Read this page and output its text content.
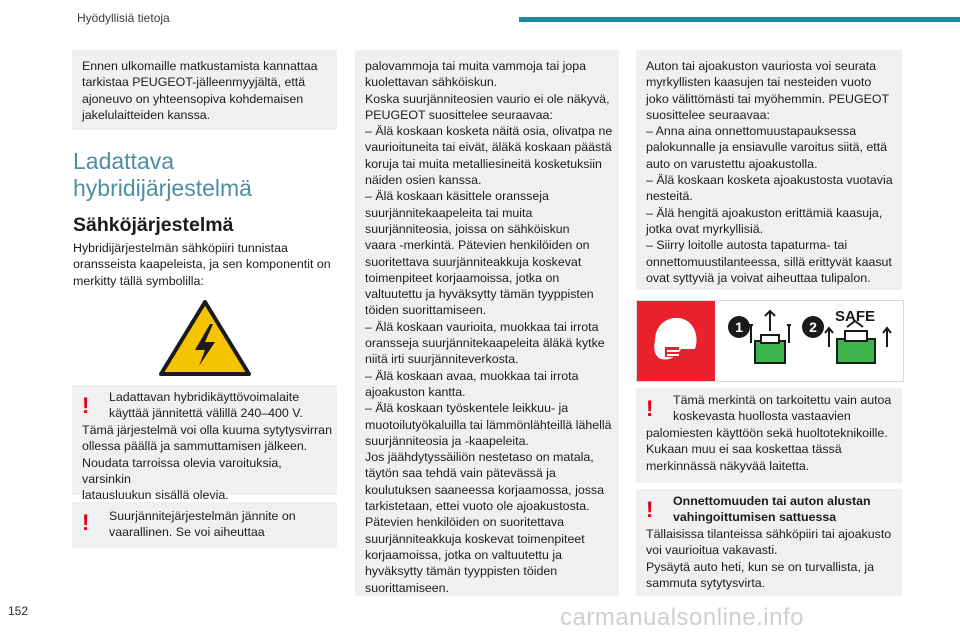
Hyödyllisiä tietoja

Ennen ulkomaille matkustamista kannattaa
tarkistaa PEUGEOT-jälleenmyyjältä, että
ajoneuvo on yhteensopiva kohdemaisen
jakelulaitteiden kanssa.

Ladattava
hybridijärjestelmä
Sähköjärjestelmä

Hybridijärjestelmän sähköpiiri tunnistaa
oransseista kaapeleista, ja sen komponentit on
merkitty tällä symbolilla:

! Ladattavan hybridikäyttövoimalaite
käyttää jännitettä välillä 240–400 V.

Tämä järjestelmä voi olla kuuma sytytysvirran
ollessa päällä ja sammuttamisen jälkeen.
Noudata tarroissa olevia varoituksia, varsinkin
latausluukun sisällä olevia.

! Suurjännitejärjestelmän jännite on
vaarallinen. Se voi aiheuttaa

palovammoja tai muita vammoja tai jopa
kuolettavan sähköiskun.
Koska suurjänniteosien vaurio ei ole näkyvä,
PEUGEOT suosittelee seuraavaa:
– Älä koskaan kosketa näitä osia, olivatpa ne
vaurioituneita tai eivät, äläkä koskaan päästä
koruja tai muita metalliesineitä kosketuksiin
näiden osien kanssa.
– Älä koskaan käsittele oransseja
suurjännitekaapeleita tai muita
suurjänniteosia, joissa on sähköiskun
vaara -merkintä. Pätevien henkilöiden on
suoritettava suurjänniteakkuja koskevat
toimenpiteet korjaamoissa, jotka on
valtuutettu ja hyväksytty tämän tyyppisten
töiden suorittamiseen.
– Älä koskaan vaurioita, muokkaa tai irrota
oransseja suurjännitekaapeleita äläkä kytke
niitä irti suurjänniteverkosta.
– Älä koskaan avaa, muokkaa tai irrota
ajoakuston kantta.
– Älä koskaan työskentele leikkuu- ja
muotoilutyökaluilla tai lämmönlähteillä lähellä
suurjänniteosia ja -kaapeleita.
Jos jäähdytyssäiliön nestetaso on matala,
täytön saa tehdä vain pätevässä ja
koulutuksen saaneessa korjaamossa, jossa
tarkistetaan, ettei vuoto ole ajoakustosta.
Pätevien henkilöiden on suoritettava
suurjänniteakkuja koskevat toimenpiteet
korjaamoissa, jotka on valtuutettu ja
hyväksytty tämän tyyppisten töiden
suorittamiseen.

Auton tai ajoakuston vauriosta voi seurata
myrkyllisten kaasujen tai nesteiden vuoto
joko välittömästi tai myöhemmin. PEUGEOT
suosittelee seuraavaa:
– Anna aina onnettomuustapauksessa
palokunnalle ja ensiavulle varoitus siitä, että
auto on varustettu ajoakustolla.
– Älä koskaan kosketa ajoakustosta vuotavia
nesteitä.
– Älä hengitä ajoakuston erittämiä kaasuja,
jotka ovat myrkyllisiä.
– Siirry loitolle autosta tapaturma- tai
onnettomuustilanteessa, sillä erittyvät kaasut
ovat syttyviä ja voivat aiheuttaa tulipalon.

1	2
SAFE
! Tämä merkintä on tarkoitettu vain autoa
koskevasta huollosta vastaavien

palomiesten käyttöön sekä huoltoteknikoille.
Kukaan muu ei saa koskettaa tässä
merkinnässä näkyvää laitetta.

! Onnettomuuden tai auton alustan
vahingoittumisen sattuessa

Tällaisissa tilanteissa sähköpiiri tai ajoakusto
voi vaurioitua vakavasti.
Pysäytä auto heti, kun se on turvallista, ja
sammuta sytytysvirta.

152	carmanualsonline.info
